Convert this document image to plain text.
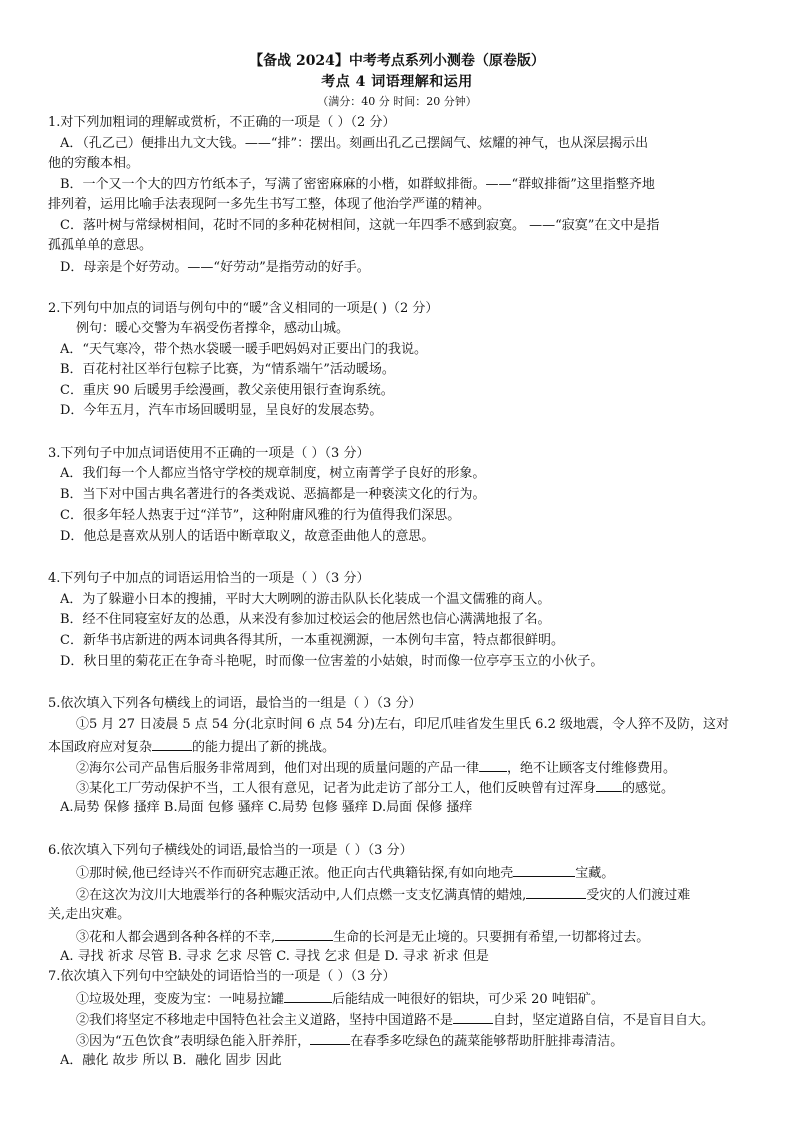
【备战 2024】中考考点系列小测卷（原卷版）
考点 4 词语理解和运用
（满分：40 分 时间：20 分钟）
1.对下列加粗词的理解或赏析，不正确的一项是（ ）（2 分）
A．（孔乙己）便排出九文大钱。——“排”：摆出。刻画出孔乙己摆阔气、炫耀的神气，也从深层揭示出
他的穷酸本相。
B．一个又一个大的四方竹纸本子，写满了密密麻麻的小楷，如群蚁排衙。——“群蚁排衙”这里指整齐地
排列着，运用比喻手法表现阿一多先生书写工整，体现了他治学严谨的精神。
C．落叶树与常绿树相间，花时不同的多种花树相间，这就一年四季不感到寂寞。 ——“寂寞”在文中是指
孤孤单单的意思。
D．母亲是个好劳动。——“好劳动”是指劳动的好手。
2.下列句中加点的词语与例句中的“暖”含义相同的一项是( )（2 分）
例句：暖心交警为车祸受伤者撑伞，感动山城。
A．“天气寒冷，带个热水袋暖一暖手吧妈妈对正要出门的我说。
B．百花村社区举行包粽子比赛，为“情系端午”活动暖场。
C．重庆 90 后暖男手绘漫画，教父亲使用银行查询系统。
D．今年五月，汽车市场回暖明显，呈良好的发展态势。
3.下列句子中加点词语使用不正确的一项是（ ）（3 分）
A．我们每一个人都应当恪守学校的规章制度，树立南菁学子良好的形象。
B．当下对中国古典名著进行的各类戏说、恶搞都是一种亵渎文化的行为。
C．很多年轻人热衷于过“洋节”，这种附庸风雅的行为值得我们深思。
D．他总是喜欢从别人的话语中断章取义，故意歪曲他人的意思。
4.下列句子中加点的词语运用恰当的一项是（ ）（3 分）
A．为了躲避小日本的搜捕，平时大大咧咧的游击队队长化装成一个温文儒雅的商人。
B．经不住同寝室好友的怂恿，从来没有参加过校运会的他居然也信心满满地报了名。
C．新华书店新进的两本词典各得其所，一本重视溯源，一本例句丰富，特点都很鲜明。
D．秋日里的菊花正在争奇斗艳呢，时而像一位害羞的小姑娘，时而像一位亭亭玉立的小伙子。
5.依次填入下列各句横线上的词语，最恰当的一组是（ ）（3 分）
①5 月 27 日凌晨 5 点 54 分(北京时间 6 点 54 分)左右，印尼爪哇省发生里氏 6.2 级地震，令人猝不及防，这对
本国政府应对复杂	的能力提出了新的挑战。
②海尔公司产品售后服务非常周到，他们对出现的质量问题的产品一律 ，绝不让顾客支付维修费用。
③某化工厂劳动保护不当，工人很有意见，记者为此走访了部分工人，他们反映曾有过浑身 的感觉。
A.局势 保修 搔痒 B.局面 包修 骚痒 C.局势 包修 骚痒 D.局面 保修 搔痒
6.依次填入下列句子横线处的词语,最恰当的一项是（ ）（3 分）
①那时候,他已经诗兴不作而研究志趣正浓。他正向古代典籍钻探,有如向地壳	宝藏。
②在这次为汶川大地震举行的各种赈灾活动中,人们点燃一支支忆满真情的蜡烛,	受灾的人们渡过难
关,走出灾难。
③花和人都会遇到各种各样的不幸,	生命的长河是无止境的。只要拥有希望,一切都将过去。
A. 寻找 祈求 尽管 B. 寻求 乞求 尽管 C. 寻找 乞求 但是 D. 寻求 祈求 但是
7.依次填入下列句中空缺处的词语恰当的一项是（ ）（3 分）
①垃圾处理，变废为宝：一吨易拉罐	后能结成一吨很好的铝块，可少采 20 吨铝矿。
②我们将坚定不移地走中国特色社会主义道路，坚持中国道路不是	自封，坚定道路自信，不是盲目自大。
③因为“五色饮食”表明绿色能入肝养肝，	在春季多吃绿色的蔬菜能够帮助肝脏排毒清洁。
A．融化 故步 所以 B．融化 固步 因此
